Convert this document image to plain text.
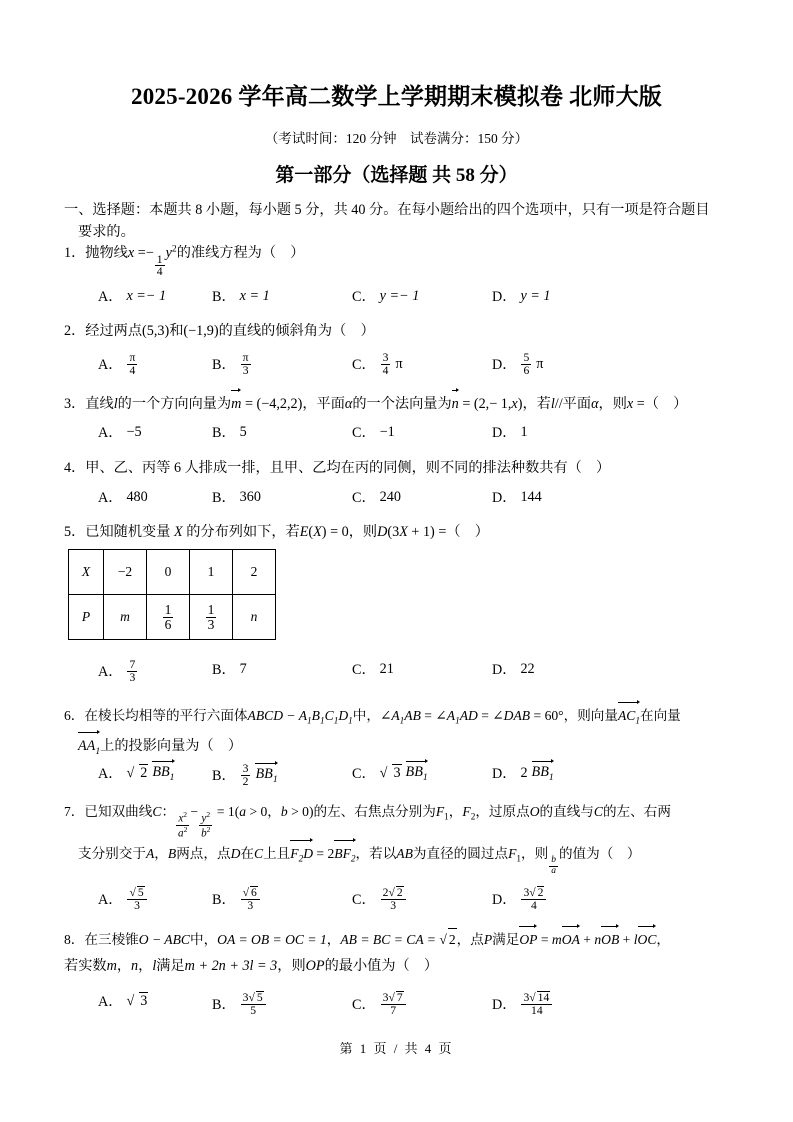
2025-2026 学年高二数学上学期期末模拟卷 北师大版
（考试时间：120 分钟　试卷满分：150 分）
第一部分（选择题 共 58 分）
一、选择题：本题共 8 小题，每小题 5 分，共 40 分。在每小题给出的四个选项中，只有一项是符合题目
要求的。
1．抛物线x =−
$\frac{1}{4}$
$y^2$的准线方程为（　）
A． x =− 1	B． x = 1	C． y =− 1	D． y = 1
2．经过两点(5,3)和(−1,9)的直线的倾斜角为（　）
A． $\frac{\pi}{4}$	B． $\frac{\pi}{3}$	C． $\frac{3}{4}$ π	D． $\frac{5}{6}$ π
3．直线l的一个方向向量为m = (−4,2,2)，平面α的一个法向量为n = (2,− 1,x)，若l//平面α，则x =（　）
A． −5	B． 5	C． −1	D． 1
4．甲、乙、丙等 6 人排成一排，且甲、乙均在丙的同侧，则不同的排法种数共有（　）
A． 480	B． 360	C． 240	D． 144
5．已知随机变量 X 的分布列如下，若E(X) = 0，则D(3X + 1) =（　）
X	−2	0	1	2
P	m	$\frac{1}{6}$	$\frac{1}{3}$	n
A． $\frac{7}{3}$	B． 7	C． 21	D． 22
6．在棱长均相等的平行六面体ABCD − $A_1B_1C_1D_1$中，$\angle A_1AB$ = $\angle A_1AD$ = ∠DAB = 60°，则向量$AC_1$在向量
$AA_1$上的投影向量为（　）
A． √ 2 $BB_1$	B． $\frac{3}{2} BB_1$	C． √ 3 $BB_1$	D． 2 $BB_1$
7．已知双曲线C： $\frac{x^2}{a^2} - \frac{y^2}{b^2} = 1(a > 0$，b > 0)的左、右焦点分别为$F_1$，$F_2$，过原点O的直线与C的左、右两
支分别交于A，B两点，点D在C上且$F_2D = 2BF_2$，若以AB为直径的圆过点$F_1$，则
$\frac{b}{a}$
的值为（　）
A． $\frac{√ 5}{3}$	B． $\frac{√ 6}{3}$	C． $\frac{2√ 2}{3}$	D． $\frac{3√ 2}{4}$
8．在三棱锥O − ABC中，OA = OB = OC = 1，AB = BC = CA = √ 2，点P满足OP = mOA + nOB + lOC，
若实数m，n，l满足m + 2n + 3l = 3，则OP的最小值为（　）
A． √ 3	B． $\frac{3√ 5}{5}$	C． $\frac{3√ 7}{7}$	D． $\frac{3√ 14}{14}$
第 1 页 / 共 4 页
